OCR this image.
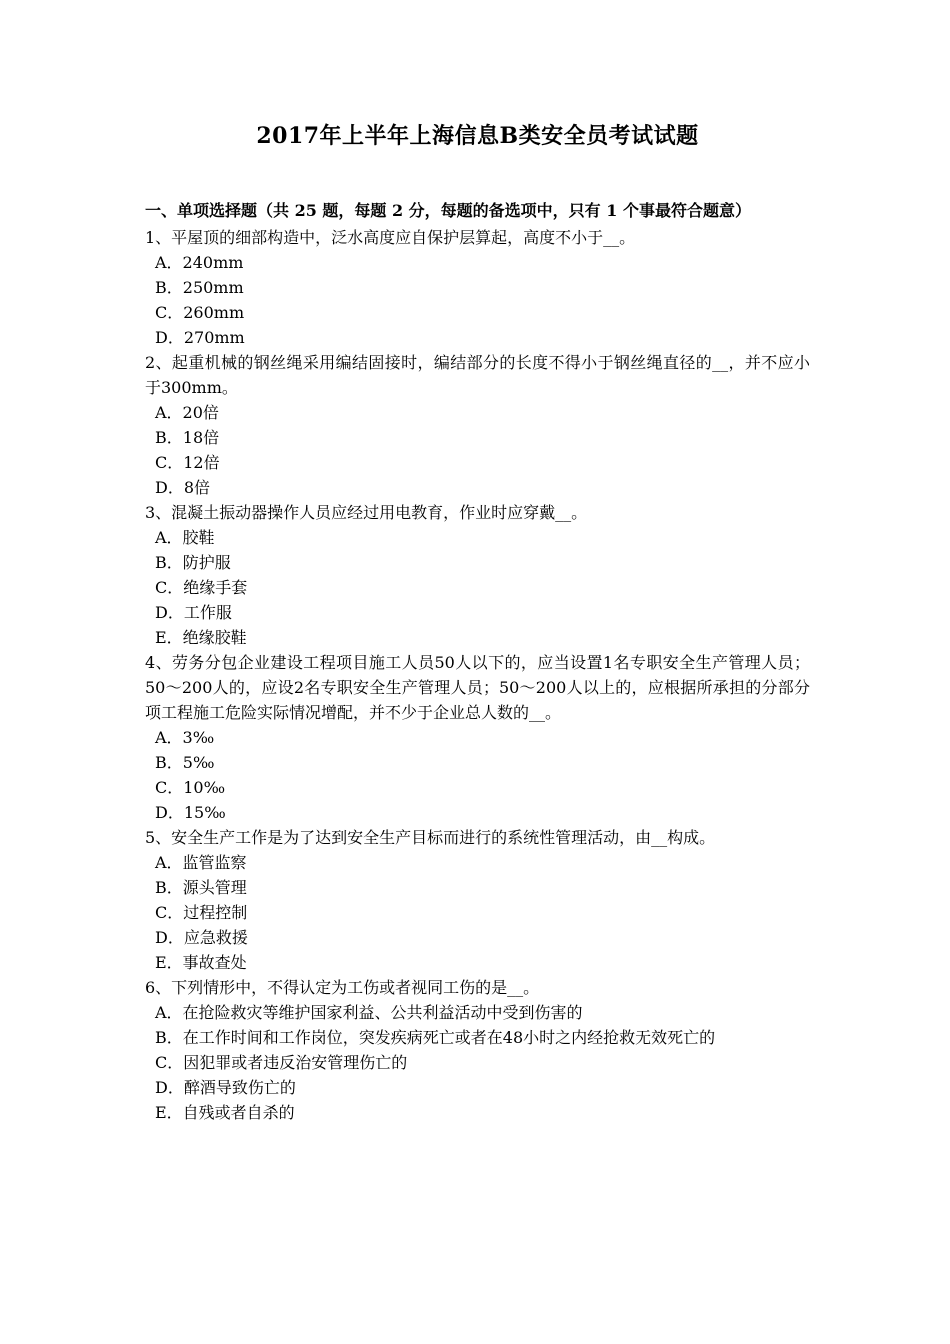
2017年上半年上海信息B类安全员考试试题
一、单项选择题（共 25 题，每题 2 分，每题的备选项中，只有 1 个事最符合题意）
1、平屋顶的细部构造中，泛水高度应自保护层算起，高度不小于__。
A．240mm
B．250mm
C．260mm
D．270mm
2、起重机械的钢丝绳采用编结固接时，编结部分的长度不得小于钢丝绳直径的__，并不应小于300mm。
A．20倍
B．18倍
C．12倍
D．8倍
3、混凝土振动器操作人员应经过用电教育，作业时应穿戴__。
A．胶鞋
B．防护服
C．绝缘手套
D．工作服
E．绝缘胶鞋
4、劳务分包企业建设工程项目施工人员50人以下的，应当设置1名专职安全生产管理人员；50～200人的，应设2名专职安全生产管理人员；50～200人以上的，应根据所承担的分部分项工程施工危险实际情况增配，并不少于企业总人数的__。
A．3‰
B．5‰
C．10‰
D．15‰
5、安全生产工作是为了达到安全生产目标而进行的系统性管理活动，由__构成。
A．监管监察
B．源头管理
C．过程控制
D．应急救援
E．事故查处
6、下列情形中，不得认定为工伤或者视同工伤的是__。
A．在抢险救灾等维护国家利益、公共利益活动中受到伤害的
B．在工作时间和工作岗位，突发疾病死亡或者在48小时之内经抢救无效死亡的
C．因犯罪或者违反治安管理伤亡的
D．醉酒导致伤亡的
E．自残或者自杀的
